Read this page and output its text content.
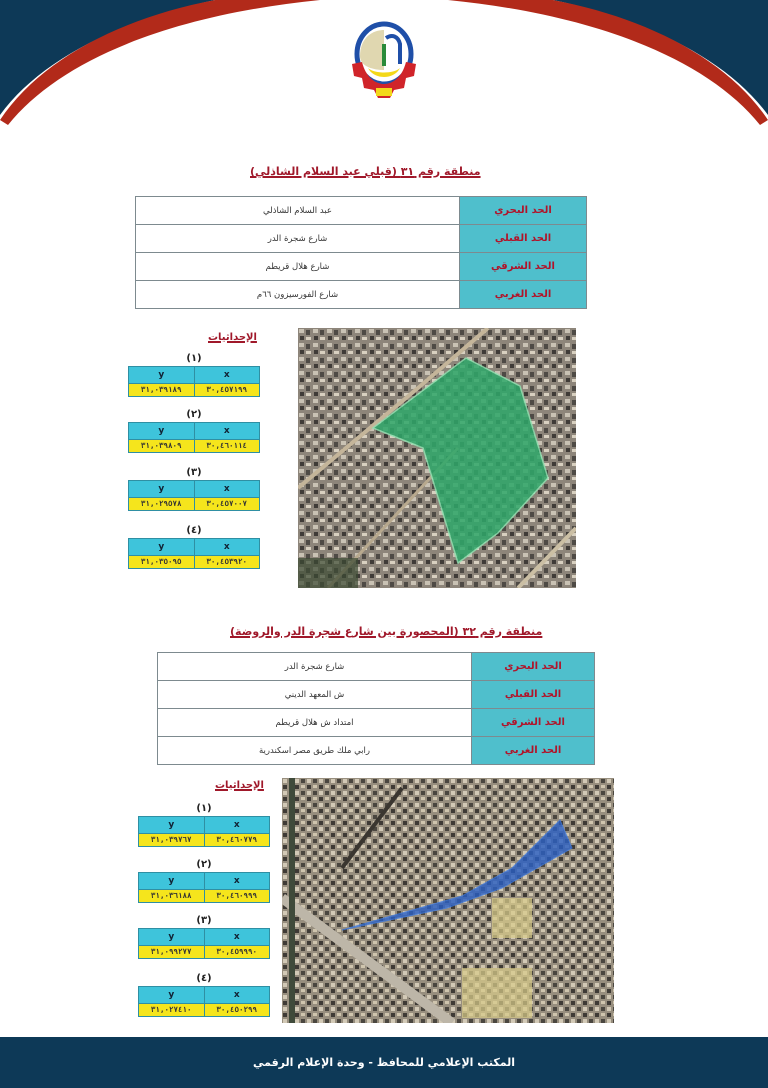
منطقة رقم ٣١ (قبلي عبد السلام الشاذلي)
الحد البحري
عبد السلام الشاذلي
الحد القبلي
شارع شجرة الدر
الحد الشرقي
شارع هلال قريطم
الحد الغربي
شارع الفورسيزون ٦٦م
الإحداثيات
(١)
y	x
٣١,٠٣٩١٨٩	٣٠,٤٥٧١٩٩
(٢)
y	x
٣١,٠٣٩٨٠٩	٣٠,٤٦٠١١٤
(٣)
y	x
٣١,٠٢٩٥٧٨	٣٠,٤٥٧٠٠٧
(٤)
y	x
٣١,٠٣٥٠٩٥	٣٠,٤٥٣٩٢٠
منطقة رقم ٣٢ (المحصورة بين شارع شجرة الدر والروضة)
الحد البحري
شارع شجرة الدر
الحد القبلي
ش المعهد الديني
الحد الشرقي
امتداد ش هلال قريطم
الحد الغربي
رابي ملك طريق مصر اسكندرية
الإحداثيات
(١)
y	x
٣١,٠٣٩٧٦٧	٣٠,٤٦٠٧٧٩
(٢)
y	x
٣١,٠٣٦١٨٨	٣٠,٤٦٠٩٩٩
(٣)
y	x
٣١,٠٩٩٢٧٧	٣٠,٤٥٩٩٩٠
(٤)
y	x
٣١,٠٢٧٤١٠	٣٠,٤٥٠٢٩٩
المكتب الإعلامي للمحافظ - وحدة الإعلام الرقمي
